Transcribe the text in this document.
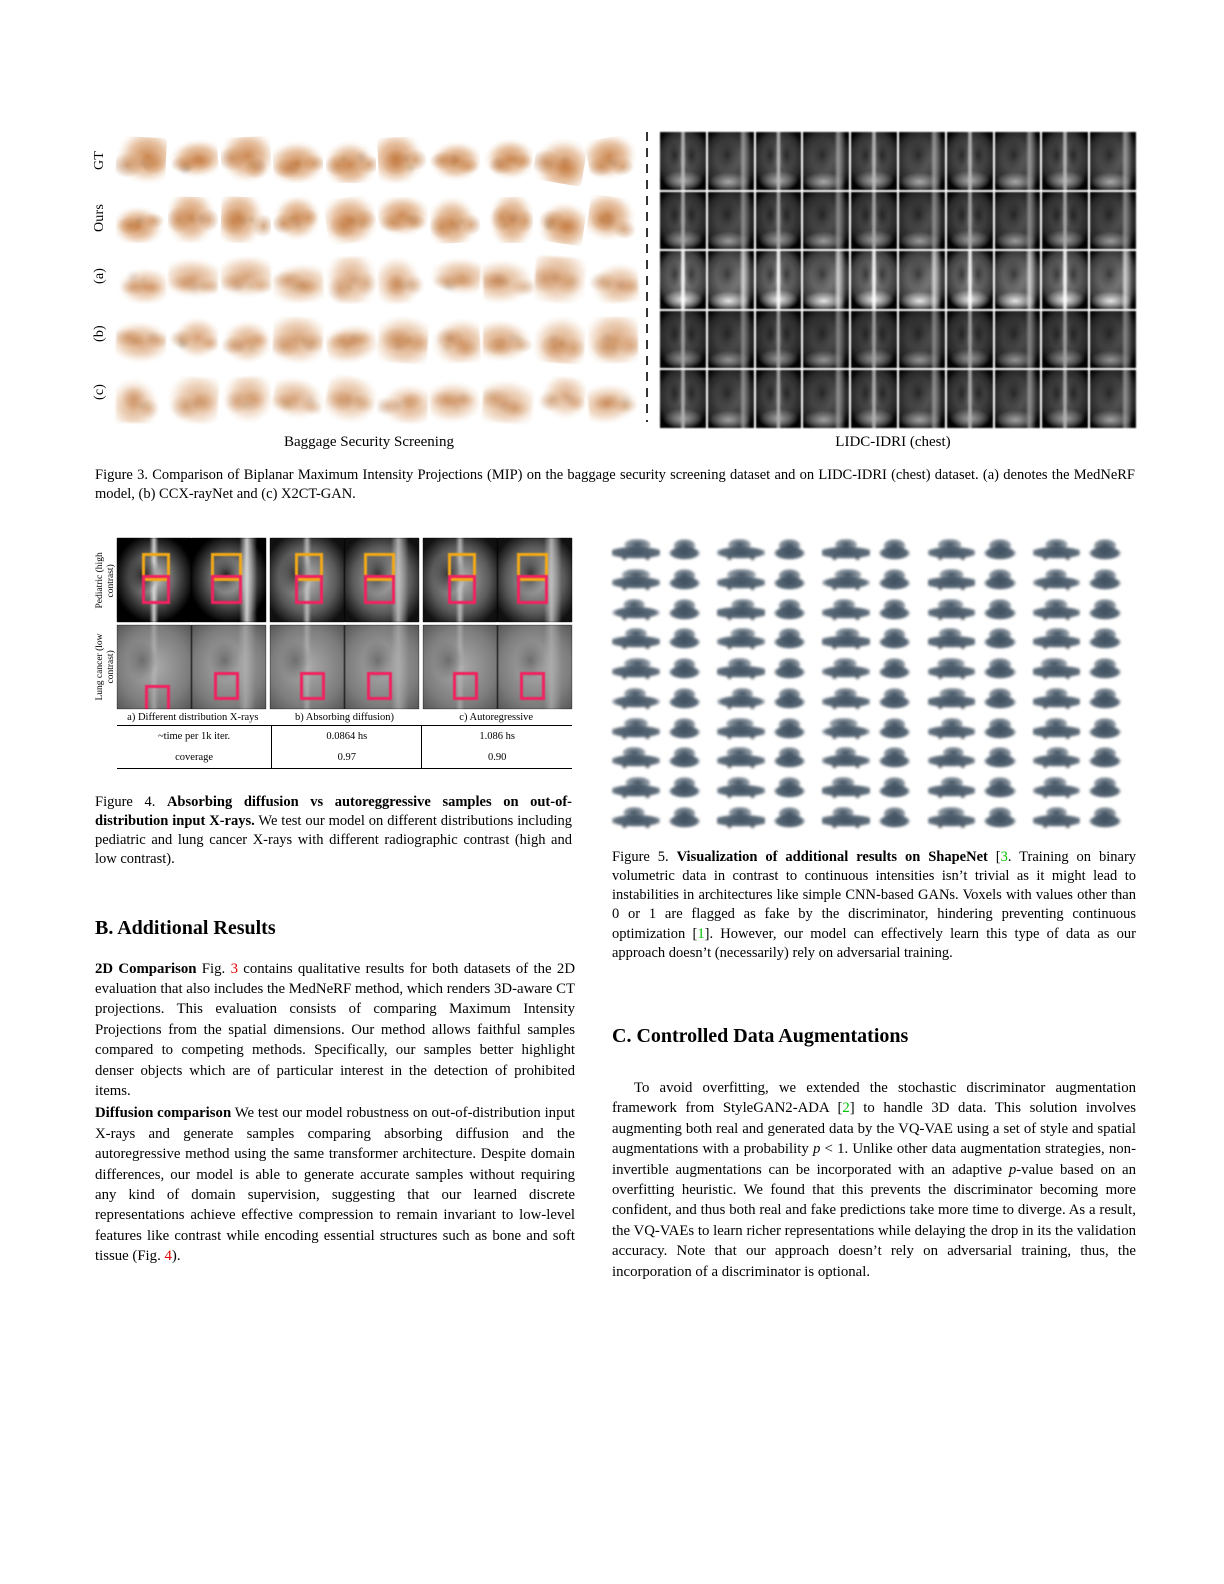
GT
Ours
(a)
(b)
(c)
Baggage Security Screening	LIDC-IDRI (chest)
Figure 3. Comparison of Biplanar Maximum Intensity Projections (MIP) on the baggage security screening dataset and on LIDC-IDRI (chest) dataset. (a) denotes the MedNeRF model, (b) CCX-rayNet and (c) X2CT-GAN.
Pediatric (high contrast)
Lung cancer (low contrast)
a) Different distribution X-rays	b) Absorbing diffusion)	c) Autoregressive
~time per 1k iter.	0.0864 hs	1.086 hs
coverage	0.97	0.90
Figure 4. Absorbing diffusion vs autoreggressive samples on out-of-distribution input X-rays. We test our model on different distributions including pediatric and lung cancer X-rays with different radiographic contrast (high and low contrast).	Figure 5. Visualization of additional results on ShapeNet [3. Training on binary volumetric data in contrast to continuous intensities isn’t trivial as it might lead to instabilities in architectures like simple CNN-based GANs. Voxels with values other than 0 or 1 are flagged as fake by the discriminator, hindering preventing continuous optimization [1]. However, our model can effectively learn this type of data as our approach doesn’t (necessarily) rely on adversarial training.
B. Additional Results

2D Comparison Fig. 3 contains qualitative results for both datasets of the 2D evaluation that also includes the MedNeRF method, which renders 3D-aware CT projections. This evaluation consists of comparing Maximum Intensity Projections from the spatial dimensions. Our method allows faithful samples compared to competing methods. Specifically, our samples better highlight denser objects which are of particular interest in the detection of prohibited items.

Diffusion comparison We test our model robustness on out-of-distribution input X-rays and generate samples comparing absorbing diffusion and the autoregressive method using the same transformer architecture. Despite domain differences, our model is able to generate accurate samples without requiring any kind of domain supervision, suggesting that our learned discrete representations achieve effective compression to remain invariant to low-level features like contrast while encoding essential structures such as bone and soft tissue (Fig. 4).

C. Controlled Data Augmentations

To avoid overfitting, we extended the stochastic discriminator augmentation framework from StyleGAN2-ADA [2] to handle 3D data. This solution involves augmenting both real and generated data by the VQ-VAE using a set of style and spatial augmentations with a probability p < 1. Unlike other data augmentation strategies, non-invertible augmentations can be incorporated with an adaptive p-value based on an overfitting heuristic. We found that this prevents the discriminator becoming more confident, and thus both real and fake predictions take more time to diverge. As a result, the VQ-VAEs to learn richer representations while delaying the drop in its the validation accuracy. Note that our approach doesn’t rely on adversarial training, thus, the incorporation of a discriminator is optional.
